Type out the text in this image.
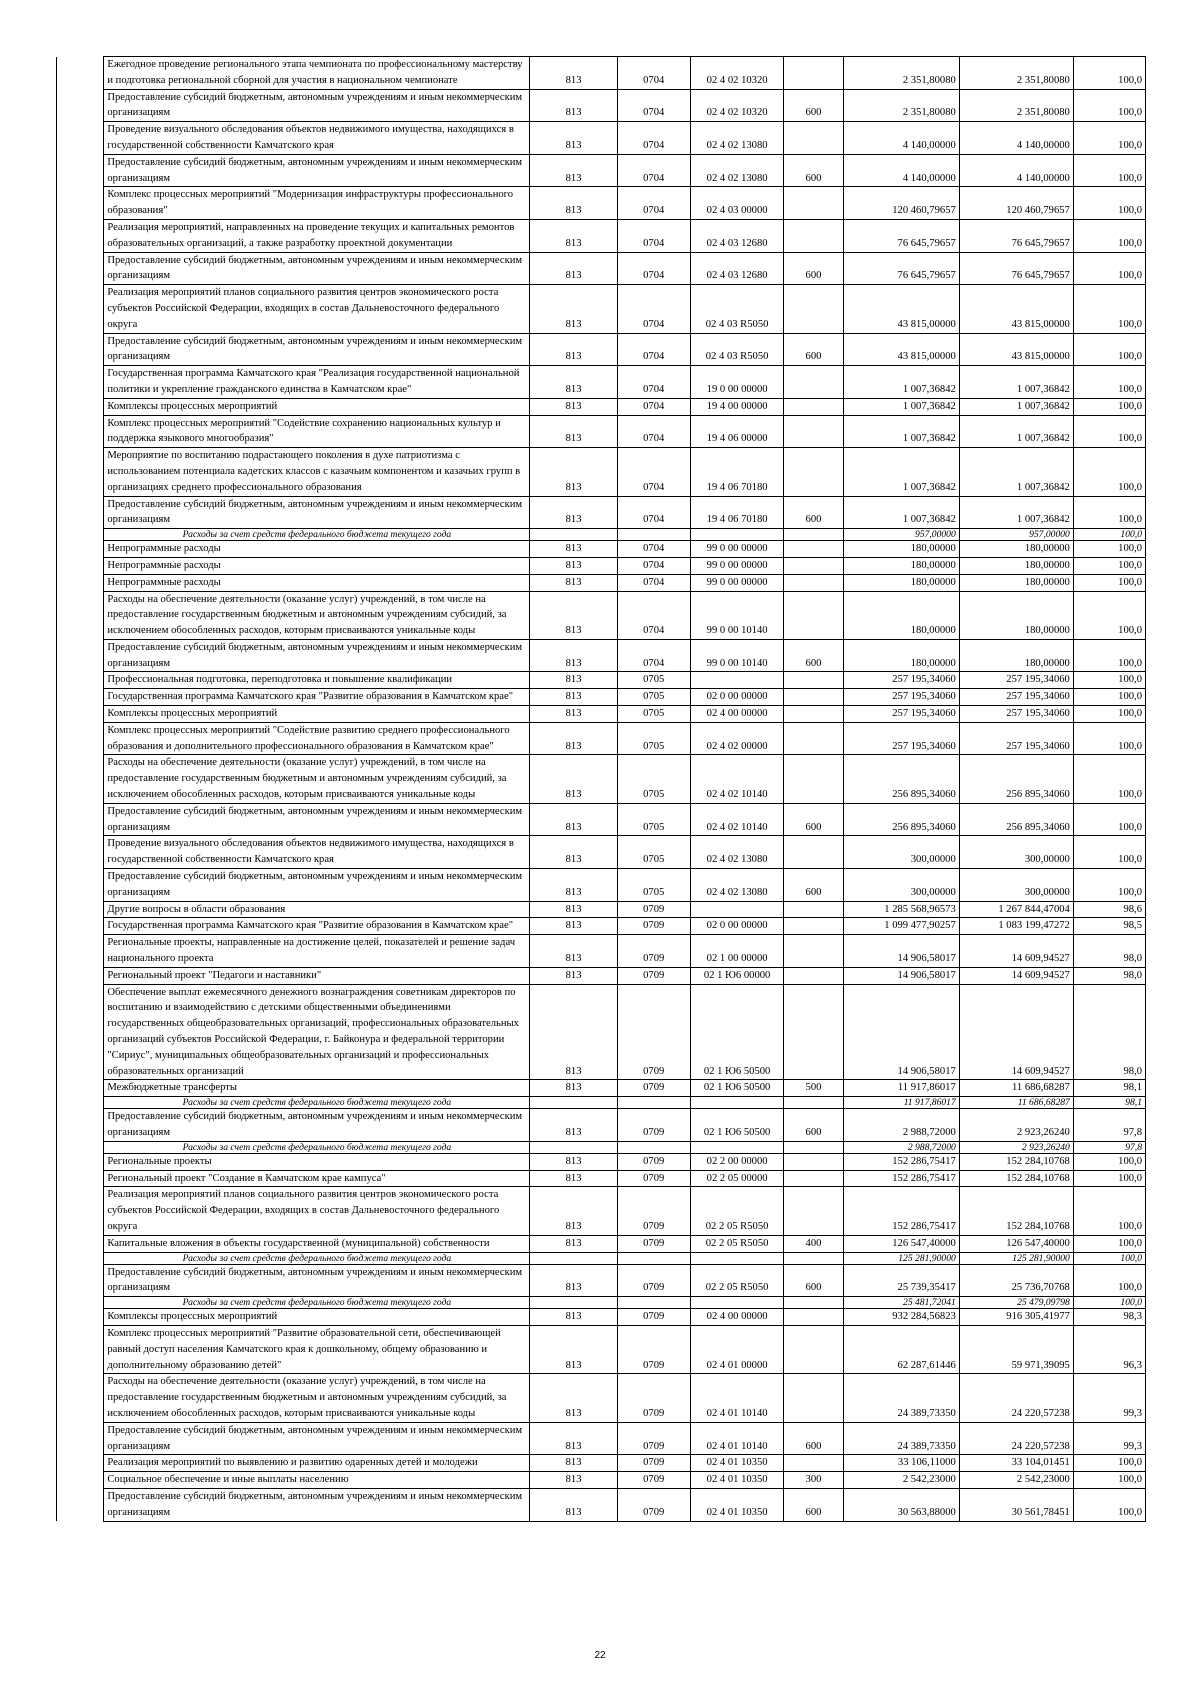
	Ежегодное проведение регионального этапа чемпионата по профессиональному мастерству и подготовка региональной сборной для участия в национальном чемпионате	813	0704	02 4 02 10320		2 351,80080	2 351,80080	100,0
	Предоставление субсидий бюджетным, автономным учреждениям и иным некоммерческим организациям	813	0704	02 4 02 10320	600	2 351,80080	2 351,80080	100,0
	Проведение визуального обследования объектов недвижимого имущества, находящихся в государственной собственности Камчатского края	813	0704	02 4 02 13080		4 140,00000	4 140,00000	100,0
	Предоставление субсидий бюджетным, автономным учреждениям и иным некоммерческим организациям	813	0704	02 4 02 13080	600	4 140,00000	4 140,00000	100,0
	Комплекс процессных мероприятий "Модернизация инфраструктуры профессионального образования"	813	0704	02 4 03 00000		120 460,79657	120 460,79657	100,0
	Реализация мероприятий, направленных на проведение текущих и капитальных ремонтов образовательных организаций, а также разработку проектной документации	813	0704	02 4 03 12680		76 645,79657	76 645,79657	100,0
	Предоставление субсидий бюджетным, автономным учреждениям и иным некоммерческим организациям	813	0704	02 4 03 12680	600	76 645,79657	76 645,79657	100,0
	Реализация мероприятий планов социального развития центров экономического роста субъектов Российской Федерации, входящих в состав Дальневосточного федерального округа	813	0704	02 4 03 R5050		43 815,00000	43 815,00000	100,0
	Предоставление субсидий бюджетным, автономным учреждениям и иным некоммерческим организациям	813	0704	02 4 03 R5050	600	43 815,00000	43 815,00000	100,0
	Государственная программа Камчатского края "Реализация государственной национальной политики и укрепление гражданского единства в Камчатском крае"	813	0704	19 0 00 00000		1 007,36842	1 007,36842	100,0
	Комплексы процессных мероприятий	813	0704	19 4 00 00000		1 007,36842	1 007,36842	100,0
	Комплекс процессных мероприятий "Содействие сохранению национальных культур и поддержка языкового многообразия"	813	0704	19 4 06 00000		1 007,36842	1 007,36842	100,0
	Мероприятие по воспитанию подрастающего поколения в духе патриотизма с использованием потенциала кадетских классов с казачьим компонентом и казачьих групп в организациях среднего профессионального образования	813	0704	19 4 06 70180		1 007,36842	1 007,36842	100,0
	Предоставление субсидий бюджетным, автономным учреждениям и иным некоммерческим организациям	813	0704	19 4 06 70180	600	1 007,36842	1 007,36842	100,0
	Расходы за счет средств федерального бюджета текущего года					957,00000	957,00000	100,0
	Непрограммные расходы	813	0704	99 0 00 00000		180,00000	180,00000	100,0
	Непрограммные расходы	813	0704	99 0 00 00000		180,00000	180,00000	100,0
	Непрограммные расходы	813	0704	99 0 00 00000		180,00000	180,00000	100,0
	Расходы на обеспечение деятельности (оказание услуг) учреждений, в том числе на предоставление государственным бюджетным и автономным учреждениям субсидий, за исключением обособленных расходов, которым присваиваются уникальные коды	813	0704	99 0 00 10140		180,00000	180,00000	100,0
	Предоставление субсидий бюджетным, автономным учреждениям и иным некоммерческим организациям	813	0704	99 0 00 10140	600	180,00000	180,00000	100,0
	Профессиональная подготовка, переподготовка и повышение квалификации	813	0705			257 195,34060	257 195,34060	100,0
	Государственная программа Камчатского края "Развитие образования в Камчатском крае"	813	0705	02 0 00 00000		257 195,34060	257 195,34060	100,0
	Комплексы процессных мероприятий	813	0705	02 4 00 00000		257 195,34060	257 195,34060	100,0
	Комплекс процессных мероприятий "Содействие развитию среднего профессионального образования и дополнительного профессионального образования в Камчатском крае"	813	0705	02 4 02 00000		257 195,34060	257 195,34060	100,0
	Расходы на обеспечение деятельности (оказание услуг) учреждений, в том числе на предоставление государственным бюджетным и автономным учреждениям субсидий, за исключением обособленных расходов, которым присваиваются уникальные коды	813	0705	02 4 02 10140		256 895,34060	256 895,34060	100,0
	Предоставление субсидий бюджетным, автономным учреждениям и иным некоммерческим организациям	813	0705	02 4 02 10140	600	256 895,34060	256 895,34060	100,0
	Проведение визуального обследования объектов недвижимого имущества, находящихся в государственной собственности Камчатского края	813	0705	02 4 02 13080		300,00000	300,00000	100,0
	Предоставление субсидий бюджетным, автономным учреждениям и иным некоммерческим организациям	813	0705	02 4 02 13080	600	300,00000	300,00000	100,0
	Другие вопросы в области образования	813	0709			1 285 568,96573	1 267 844,47004	98,6
	Государственная программа Камчатского края "Развитие образования в Камчатском крае"	813	0709	02 0 00 00000		1 099 477,90257	1 083 199,47272	98,5
	Региональные проекты, направленные на достижение целей, показателей и решение задач национального проекта	813	0709	02 1 00 00000		14 906,58017	14 609,94527	98,0
	Региональный проект "Педагоги и наставники"	813	0709	02 1 Ю6 00000		14 906,58017	14 609,94527	98,0
	Обеспечение выплат ежемесячного денежного вознаграждения советникам директоров по воспитанию и взаимодействию с детскими общественными объединениями государственных общеобразовательных организаций, профессиональных образовательных организаций субъектов Российской Федерации, г. Байконура и федеральной территории "Сириус", муниципальных общеобразовательных организаций и профессиональных образовательных организаций	813	0709	02 1 Ю6 50500		14 906,58017	14 609,94527	98,0
	Межбюджетные трансферты	813	0709	02 1 Ю6 50500	500	11 917,86017	11 686,68287	98,1
	Расходы за счет средств федерального бюджета текущего года					11 917,86017	11 686,68287	98,1
	Предоставление субсидий бюджетным, автономным учреждениям и иным некоммерческим организациям	813	0709	02 1 Ю6 50500	600	2 988,72000	2 923,26240	97,8
	Расходы за счет средств федерального бюджета текущего года					2 988,72000	2 923,26240	97,8
	Региональные проекты	813	0709	02 2 00 00000		152 286,75417	152 284,10768	100,0
	Региональный проект "Создание в Камчатском крае кампуса"	813	0709	02 2 05 00000		152 286,75417	152 284,10768	100,0
	Реализация мероприятий планов социального развития центров экономического роста субъектов Российской Федерации, входящих в состав Дальневосточного федерального округа	813	0709	02 2 05 R5050		152 286,75417	152 284,10768	100,0
	Капитальные вложения в объекты государственной (муниципальной) собственности	813	0709	02 2 05 R5050	400	126 547,40000	126 547,40000	100,0
	Расходы за счет средств федерального бюджета текущего года					125 281,90000	125 281,90000	100,0
	Предоставление субсидий бюджетным, автономным учреждениям и иным некоммерческим организациям	813	0709	02 2 05 R5050	600	25 739,35417	25 736,70768	100,0
	Расходы за счет средств федерального бюджета текущего года					25 481,72041	25 479,09798	100,0
	Комплексы процессных мероприятий	813	0709	02 4 00 00000		932 284,56823	916 305,41977	98,3
	Комплекс процессных мероприятий "Развитие образовательной сети, обеспечивающей равный доступ населения Камчатского края к дошкольному, общему образованию и дополнительному образованию детей"	813	0709	02 4 01 00000		62 287,61446	59 971,39095	96,3
	Расходы на обеспечение деятельности (оказание услуг) учреждений, в том числе на предоставление государственным бюджетным и автономным учреждениям субсидий, за исключением обособленных расходов, которым присваиваются уникальные коды	813	0709	02 4 01 10140		24 389,73350	24 220,57238	99,3
	Предоставление субсидий бюджетным, автономным учреждениям и иным некоммерческим организациям	813	0709	02 4 01 10140	600	24 389,73350	24 220,57238	99,3
	Реализация мероприятий по выявлению и развитию одаренных детей и молодежи	813	0709	02 4 01 10350		33 106,11000	33 104,01451	100,0
	Социальное обеспечение и иные выплаты населению	813	0709	02 4 01 10350	300	2 542,23000	2 542,23000	100,0
	Предоставление субсидий бюджетным, автономным учреждениям и иным некоммерческим организациям	813	0709	02 4 01 10350	600	30 563,88000	30 561,78451	100,0
22
